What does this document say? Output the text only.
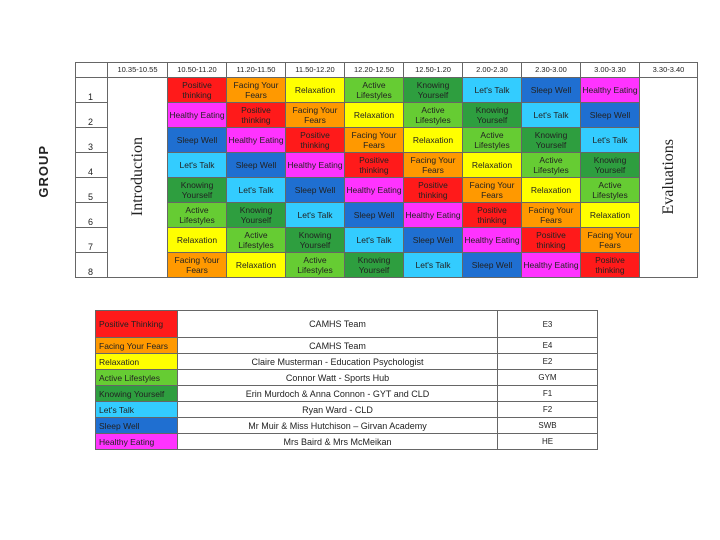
GROUP
	10.35-10.55	10.50-11.20	11.20-11.50	11.50-12.20	12.20-12.50	12.50-1.20	2.00-2.30	2.30-3.00	3.00-3.30	3.30-3.40
1	Introduction	Positive thinking	Facing Your Fears	Relaxation	Active Lifestyles	Knowing Yourself	Let's Talk	Sleep Well	Healthy Eating	Evaluations
2		Healthy Eating	Positive thinking	Facing Your Fears	Relaxation	Active Lifestyles	Knowing Yourself	Let's Talk	Sleep Well	
3		Sleep Well	Healthy Eating	Positive thinking	Facing Your Fears	Relaxation	Active Lifestyles	Knowing Yourself	Let's Talk	
4		Let's Talk	Sleep Well	Healthy Eating	Positive thinking	Facing Your Fears	Relaxation	Active Lifestyles	Knowing Yourself	
5		Knowing Yourself	Let's Talk	Sleep Well	Healthy Eating	Positive thinking	Facing Your Fears	Relaxation	Active Lifestyles	
6		Active Lifestyles	Knowing Yourself	Let's Talk	Sleep Well	Healthy Eating	Positive thinking	Facing Your Fears	Relaxation	
7		Relaxation	Active Lifestyles	Knowing Yourself	Let's Talk	Sleep Well	Healthy Eating	Positive thinking	Facing Your Fears	
8		Facing Your Fears	Relaxation	Active Lifestyles	Knowing Yourself	Let's Talk	Sleep Well	Healthy Eating	Positive thinking	
Positive Thinking	CAMHS Team	E3
Facing Your Fears	CAMHS Team	E4
Relaxation	Claire Musterman - Education Psychologist	E2
Active Lifestyles	Connor Watt - Sports Hub	GYM
Knowing Yourself	Erin Murdoch & Anna Connon - GYT and CLD	F1
Let's Talk	Ryan Ward - CLD	F2
Sleep Well	Mr Muir & Miss Hutchison – Girvan Academy	SWB
Healthy Eating	Mrs Baird & Mrs McMeikan	HE
